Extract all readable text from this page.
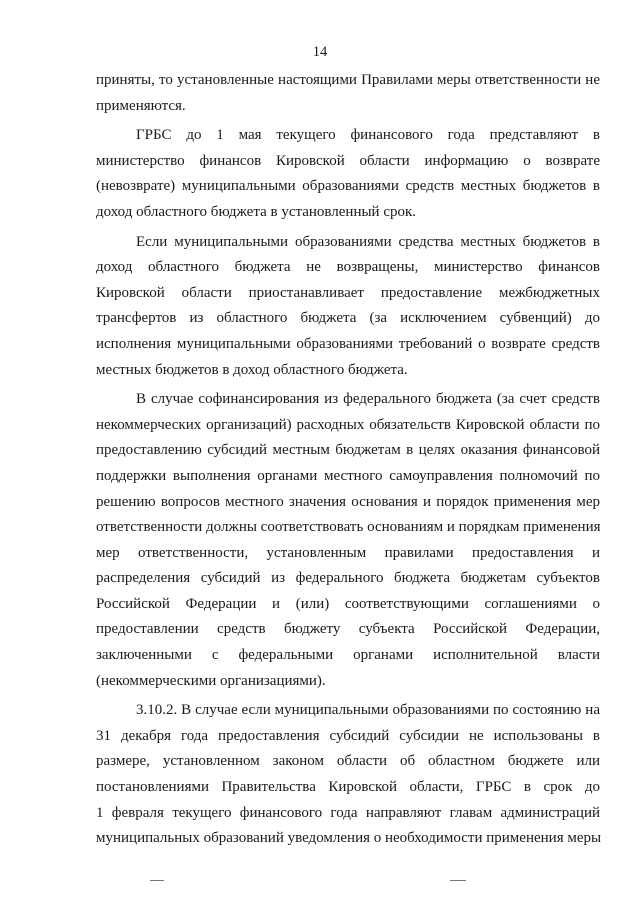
14
приняты, то установленные настоящими Правилами меры ответственности не
применяются.
ГРБС до 1 мая текущего финансового года представляют в
министерство финансов Кировской области информацию о возврате
(невозврате) муниципальными образованиями средств местных бюджетов в
доход областного бюджета в установленный срок.
Если муниципальными образованиями средства местных бюджетов в
доход областного бюджета не возвращены, министерство финансов
Кировской области приостанавливает предоставление межбюджетных
трансфертов из областного бюджета (за исключением субвенций) до
исполнения муниципальными образованиями требований о возврате средств
местных бюджетов в доход областного бюджета.
В случае софинансирования из федерального бюджета (за счет средств
некоммерческих организаций) расходных обязательств Кировской области по
предоставлению субсидий местным бюджетам в целях оказания финансовой
поддержки выполнения органами местного самоуправления полномочий по
решению вопросов местного значения основания и порядок применения мер
ответственности должны соответствовать основаниям и порядкам применения
мер ответственности, установленным правилами предоставления и
распределения субсидий из федерального бюджета бюджетам субъектов
Российской Федерации и (или) соответствующими соглашениями о
предоставлении средств бюджету субъекта Российской Федерации,
заключенными с федеральными органами исполнительной власти
(некоммерческими организациями).
3.10.2. В случае если муниципальными образованиями по состоянию на
31 декабря года предоставления субсидий субсидии не использованы в
размере, установленном законом области об областном бюджете или
постановлениями Правительства Кировской области, ГРБС в срок до
1 февраля текущего финансового года направляют главам администраций
муниципальных образований уведомления о необходимости применения меры
